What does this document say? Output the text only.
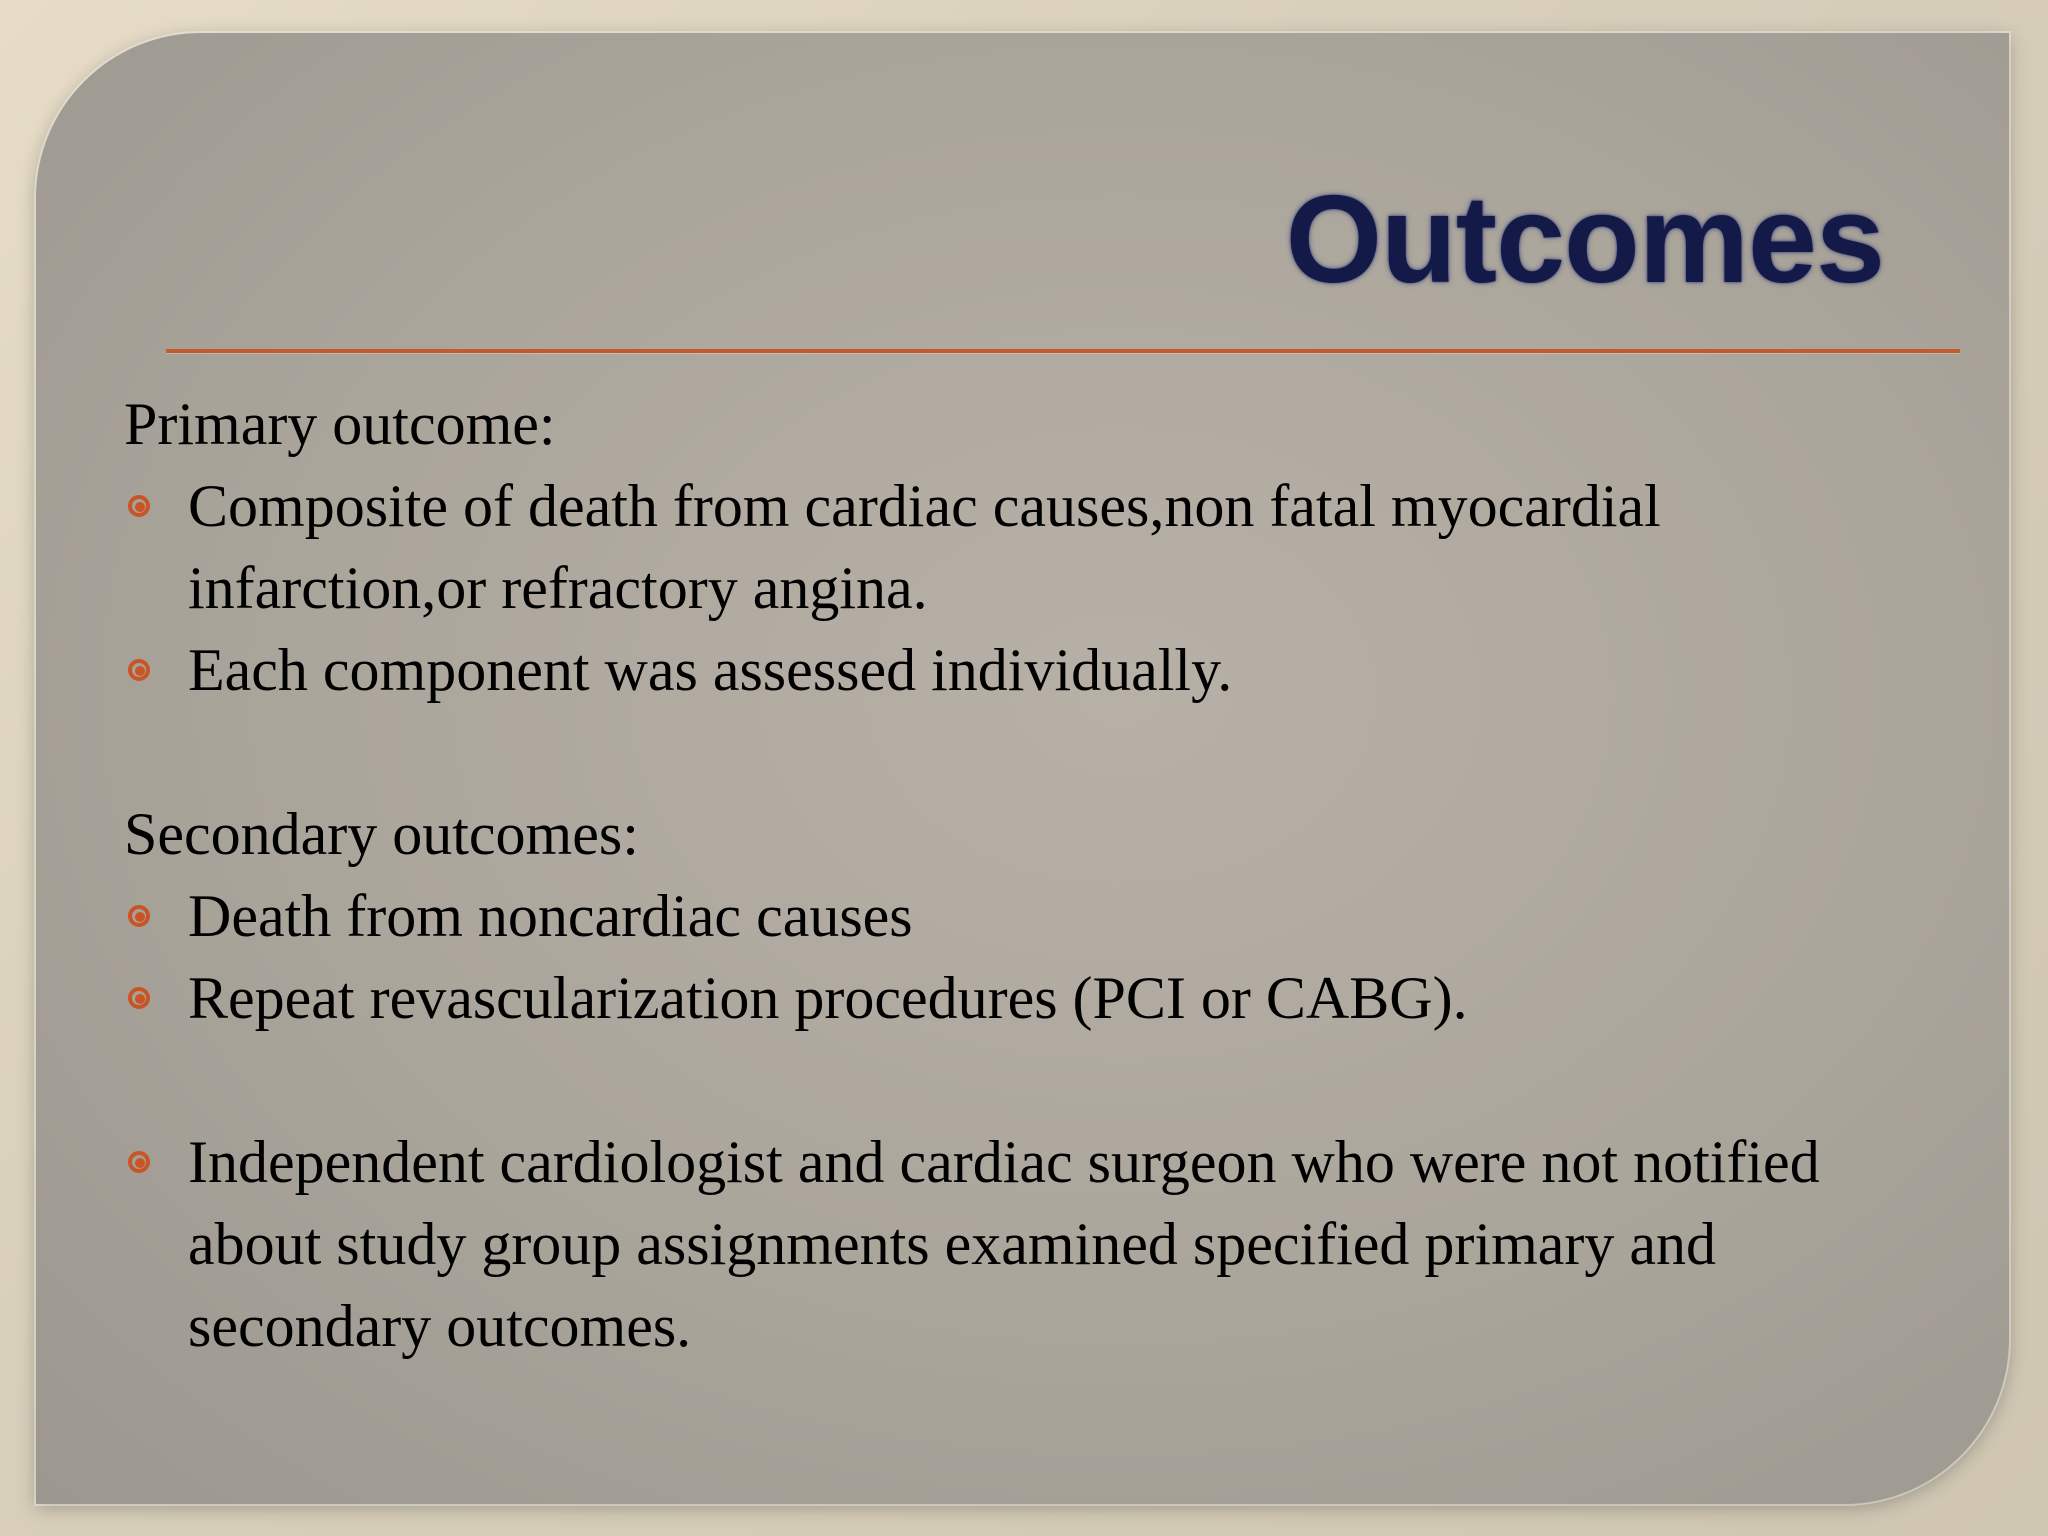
Outcomes

Primary outcome:

Composite of death from cardiac causes,non fatal myocardial infarction,or refractory angina.
Each component was assessed individually.

Secondary outcomes:

Death from noncardiac causes
Repeat revascularization procedures (PCI or CABG).
Independent cardiologist and cardiac surgeon who were not notified about study group assignments examined specified primary and secondary outcomes.
